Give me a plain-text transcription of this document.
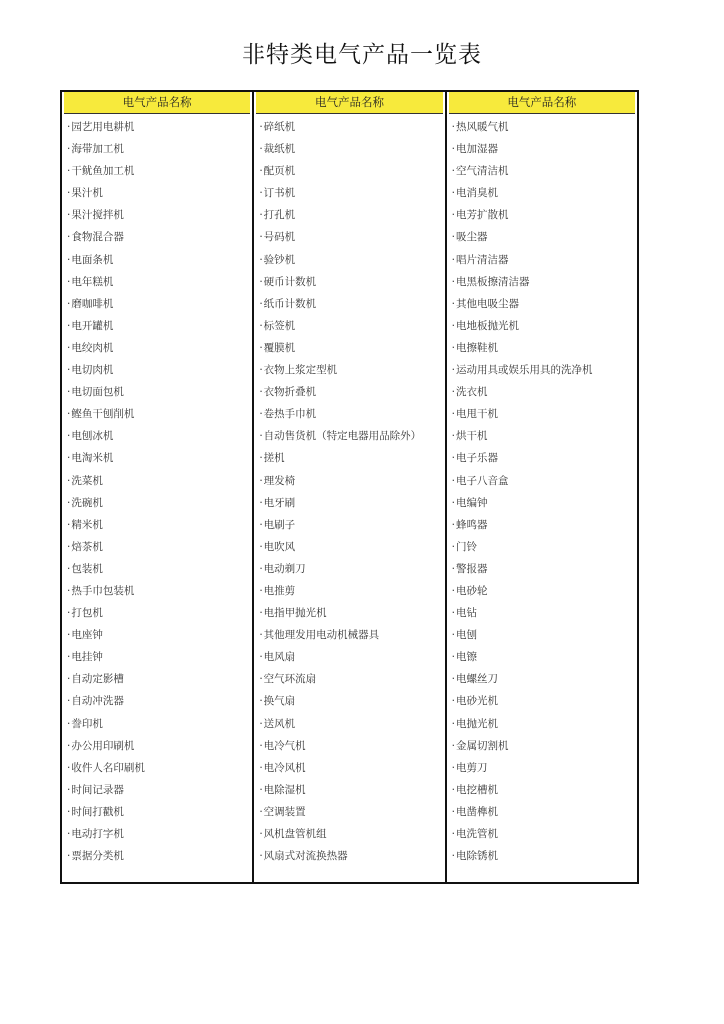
非特类电气产品一览表
电气产品名称
· 园艺用电耕机
· 海带加工机
· 干鱿鱼加工机
· 果汁机
· 果汁搅拌机
· 食物混合器
· 电面条机
· 电年糕机
· 磨咖啡机
· 电开罐机
· 电绞肉机
· 电切肉机
· 电切面包机
· 鲣鱼干刨削机
· 电刨冰机
· 电淘米机
· 洗菜机
· 洗碗机
· 精米机
· 焙茶机
· 包装机
· 热手巾包装机
· 打包机
· 电座钟
· 电挂钟
· 自动定影槽
· 自动冲洗器
· 誊印机
· 办公用印刷机
· 收件人名印刷机
· 时间记录器
· 时间打戳机
· 电动打字机
· 票据分类机
电气产品名称
· 碎纸机
· 裁纸机
· 配页机
· 订书机
· 打孔机
· 号码机
· 验钞机
· 硬币计数机
· 纸币计数机
· 标签机
· 覆膜机
· 衣物上浆定型机
· 衣物折叠机
· 卷热手巾机
· 自动售货机（特定电器用品除外）
· 搓机
· 理发椅
· 电牙刷
· 电刷子
· 电吹风
· 电动剃刀
· 电推剪
· 电指甲抛光机
· 其他理发用电动机械器具
· 电风扇
· 空气环流扇
· 换气扇
· 送风机
· 电冷气机
· 电冷风机
· 电除湿机
· 空调装置
· 风机盘管机组
· 风扇式对流换热器
电气产品名称
· 热风暖气机
· 电加湿器
· 空气清洁机
· 电消臭机
· 电芳扩散机
· 吸尘器
· 唱片清洁器
· 电黑板擦清洁器
· 其他电吸尘器
· 电地板抛光机
· 电擦鞋机
· 运动用具或娱乐用具的洗净机
· 洗衣机
· 电甩干机
· 烘干机
· 电子乐器
· 电子八音盒
· 电编钟
· 蜂鸣器
· 门铃
· 警报器
· 电砂轮
· 电钻
· 电刨
· 电镲
· 电螺丝刀
· 电砂光机
· 电抛光机
· 金属切割机
· 电剪刀
· 电挖槽机
· 电凿榫机
· 电洗管机
· 电除锈机
